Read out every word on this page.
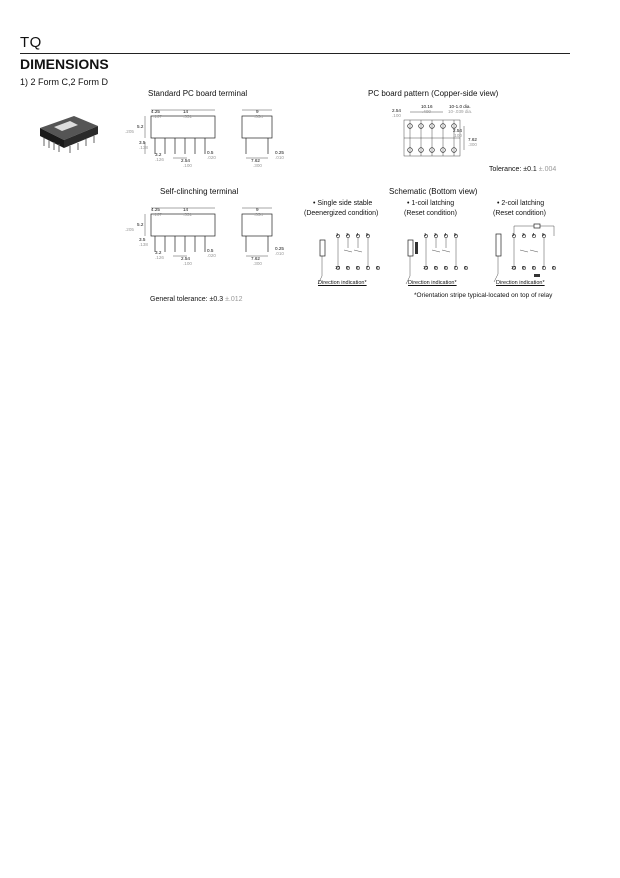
TQ
DIMENSIONS
1) 2 Form C,2 Form D
Standard PC board terminal
4.25
.167
14
.551
5.2
.205
3.5
.138
3.2
.126	2.54
.100
0.5
.020
9
.354
0.25
.010
7.62
.300
PC board pattern (Copper-side view)
2.54
.100
10.16
.400
10-1.0 dia.
10-.039 dia.
2.54
.100
7.62
.300
Tolerance: ±0.1 ±.004
Self-clinching terminal
4.25
.167
14
.551
5.2
.205
3.5
.138
3.2
.126	2.54
.100
0.5
.020
9
.354
0.25
.010
7.62
.300
General tolerance: ±0.3 ±.012
Schematic (Bottom view)
• Single side stable
(Deenergized condition)
• 1-coil latching
(Reset condition)
• 2-coil latching
(Reset condition)
1 3 4 5
10 9 8 7 6
1 3 4 5
10 9 8 7 6
1 3 4 5
10 9 8 7 6
Direction indication*	Direction indication*	Direction indication*
*Orientation stripe typical-located on top of relay
